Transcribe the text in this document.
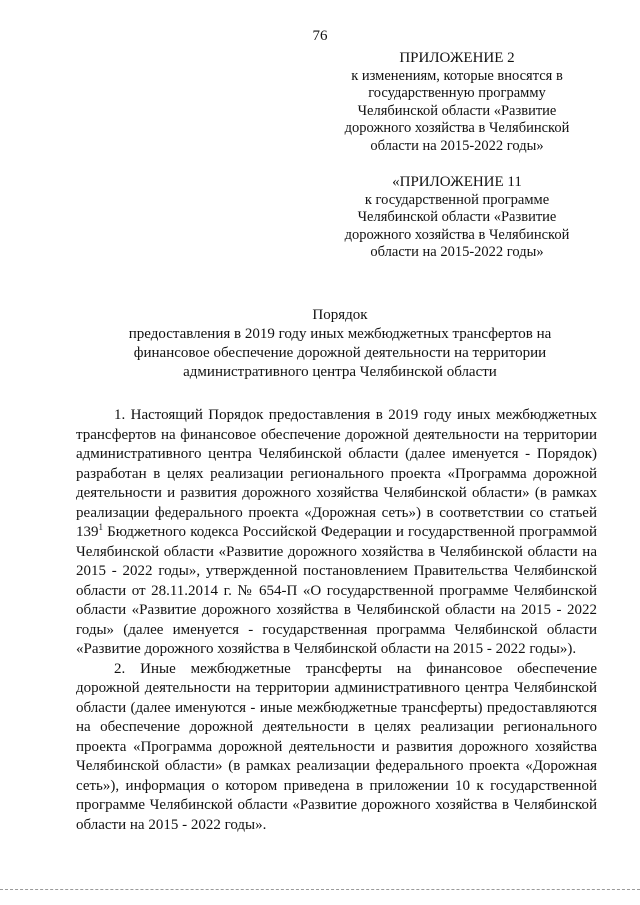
76
ПРИЛОЖЕНИЕ 2
к изменениям, которые вносятся в
государственную программу
Челябинской области «Развитие
дорожного хозяйства в Челябинской
области на 2015-2022 годы»
«ПРИЛОЖЕНИЕ 11
к государственной программе
Челябинской области «Развитие
дорожного хозяйства в Челябинской
области на 2015-2022 годы»
Порядок
предоставления в 2019 году иных межбюджетных трансфертов на
финансовое обеспечение дорожной деятельности на территории
административного центра Челябинской области

1. Настоящий Порядок предоставления в 2019 году иных межбюджетных трансфертов на финансовое обеспечение дорожной деятельности на территории административного центра Челябинской области (далее именуется - Порядок) разработан в целях реализации регионального проекта «Программа дорожной деятельности и развития дорожного хозяйства Челябинской области» (в рамках реализации федерального проекта «Дорожная сеть») в соответствии со статьей $139^1$ Бюджетного кодекса Российской Федерации и государственной программой Челябинской области «Развитие дорожного хозяйства в Челябинской области на 2015 - 2022 годы», утвержденной постановлением Правительства Челябинской области от 28.11.2014 г. № 654-П «О государственной программе Челябинской области «Развитие дорожного хозяйства в Челябинской области на 2015 - 2022 годы» (далее именуется - государственная программа Челябинской области «Развитие дорожного хозяйства в Челябинской области на 2015 - 2022 годы»).

2. Иные межбюджетные трансферты на финансовое обеспечение дорожной деятельности на территории административного центра Челябинской области (далее именуются - иные межбюджетные трансферты) предоставляются на обеспечение дорожной деятельности в целях реализации регионального проекта «Программа дорожной деятельности и развития дорожного хозяйства Челябинской области» (в рамках реализации федерального проекта «Дорожная сеть»), информация о котором приведена в приложении 10 к государственной программе Челябинской области «Развитие дорожного хозяйства в Челябинской области на 2015 - 2022 годы».
